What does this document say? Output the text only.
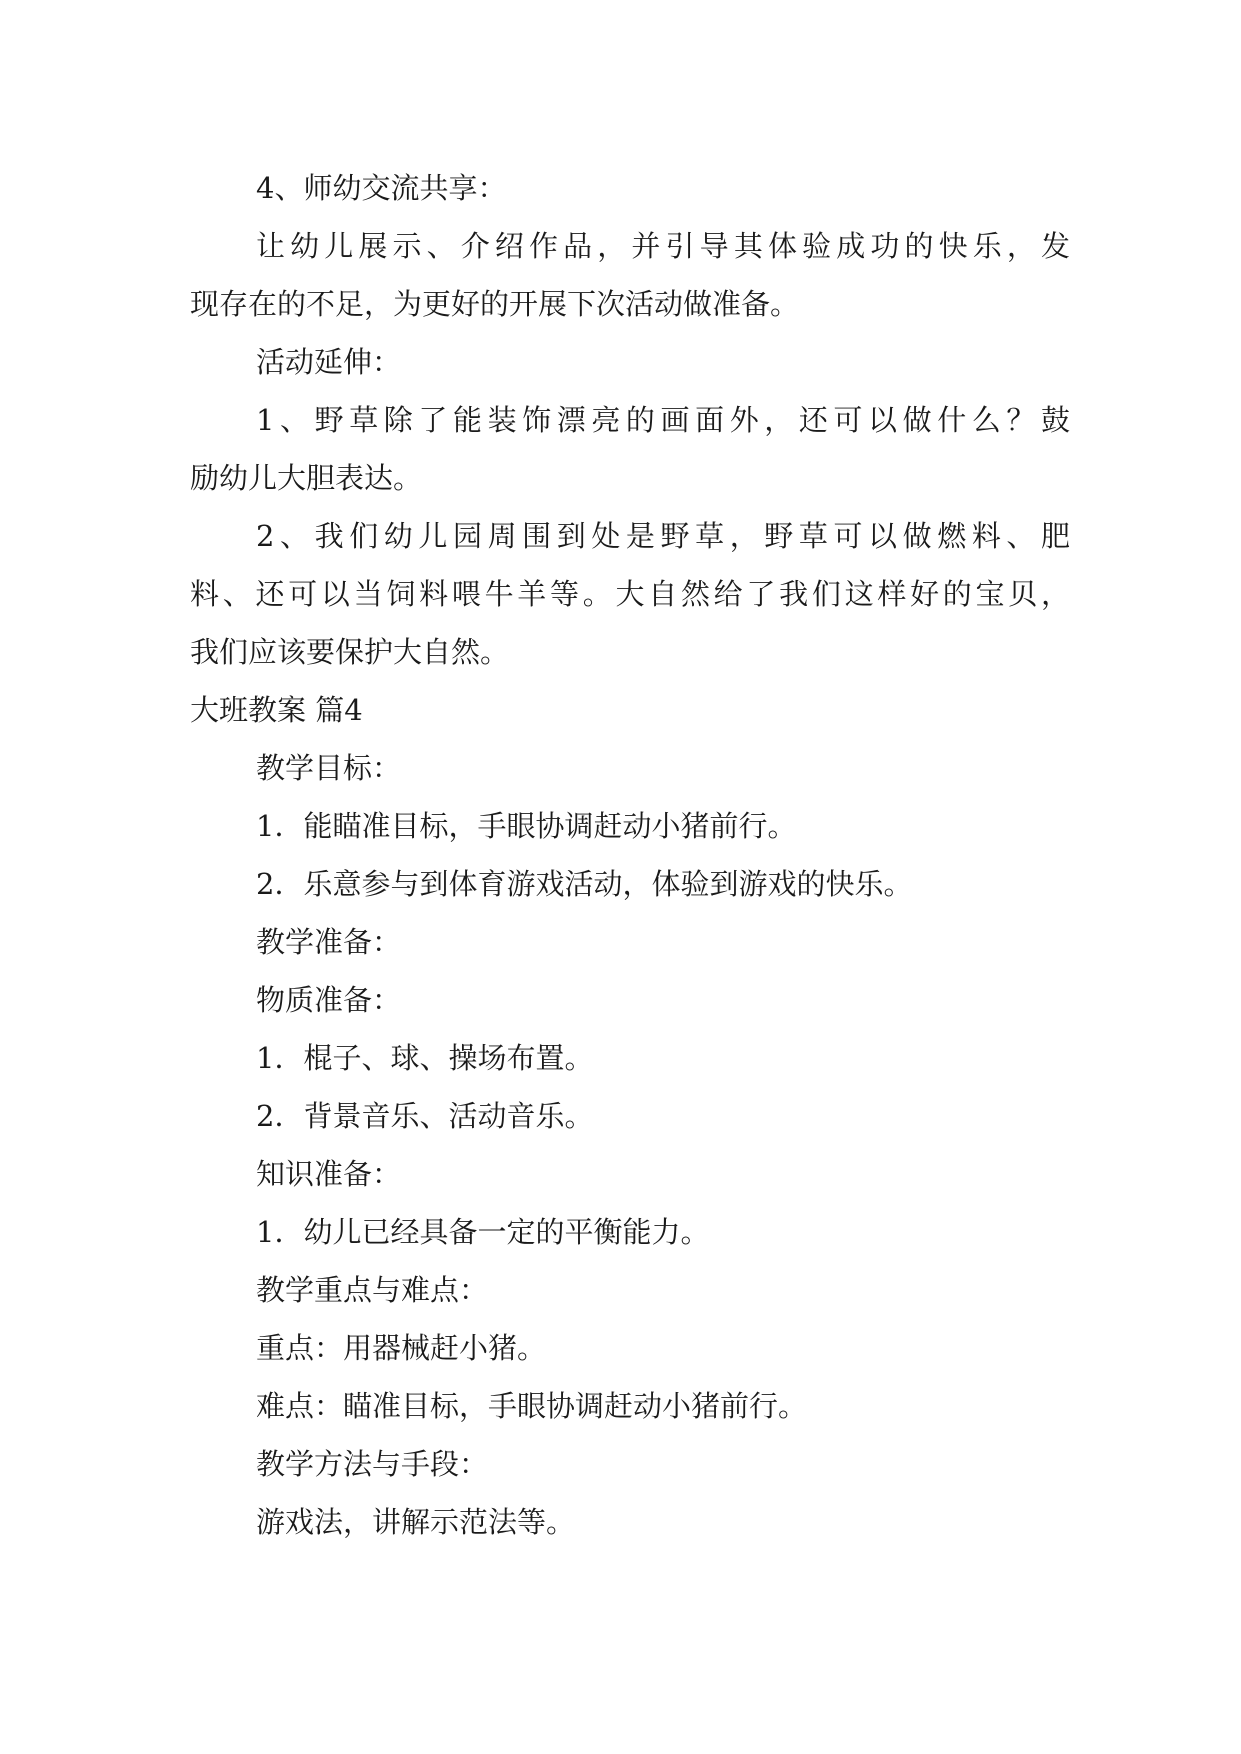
4、师幼交流共享：
让幼儿展示、介绍作品，并引导其体验成功的快乐，发
现存在的不足，为更好的开展下次活动做准备。
活动延伸：
1、野草除了能装饰漂亮的画面外，还可以做什么？鼓
励幼儿大胆表达。
2、我们幼儿园周围到处是野草，野草可以做燃料、肥
料、还可以当饲料喂牛羊等。大自然给了我们这样好的宝贝，
我们应该要保护大自然。
大班教案 篇4
教学目标：
1．能瞄准目标，手眼协调赶动小猪前行。
2．乐意参与到体育游戏活动，体验到游戏的快乐。
教学准备：
物质准备：
1．棍子、球、操场布置。
2．背景音乐、活动音乐。
知识准备：
1．幼儿已经具备一定的平衡能力。
教学重点与难点：
重点：用器械赶小猪。
难点：瞄准目标，手眼协调赶动小猪前行。
教学方法与手段：
游戏法，讲解示范法等。
